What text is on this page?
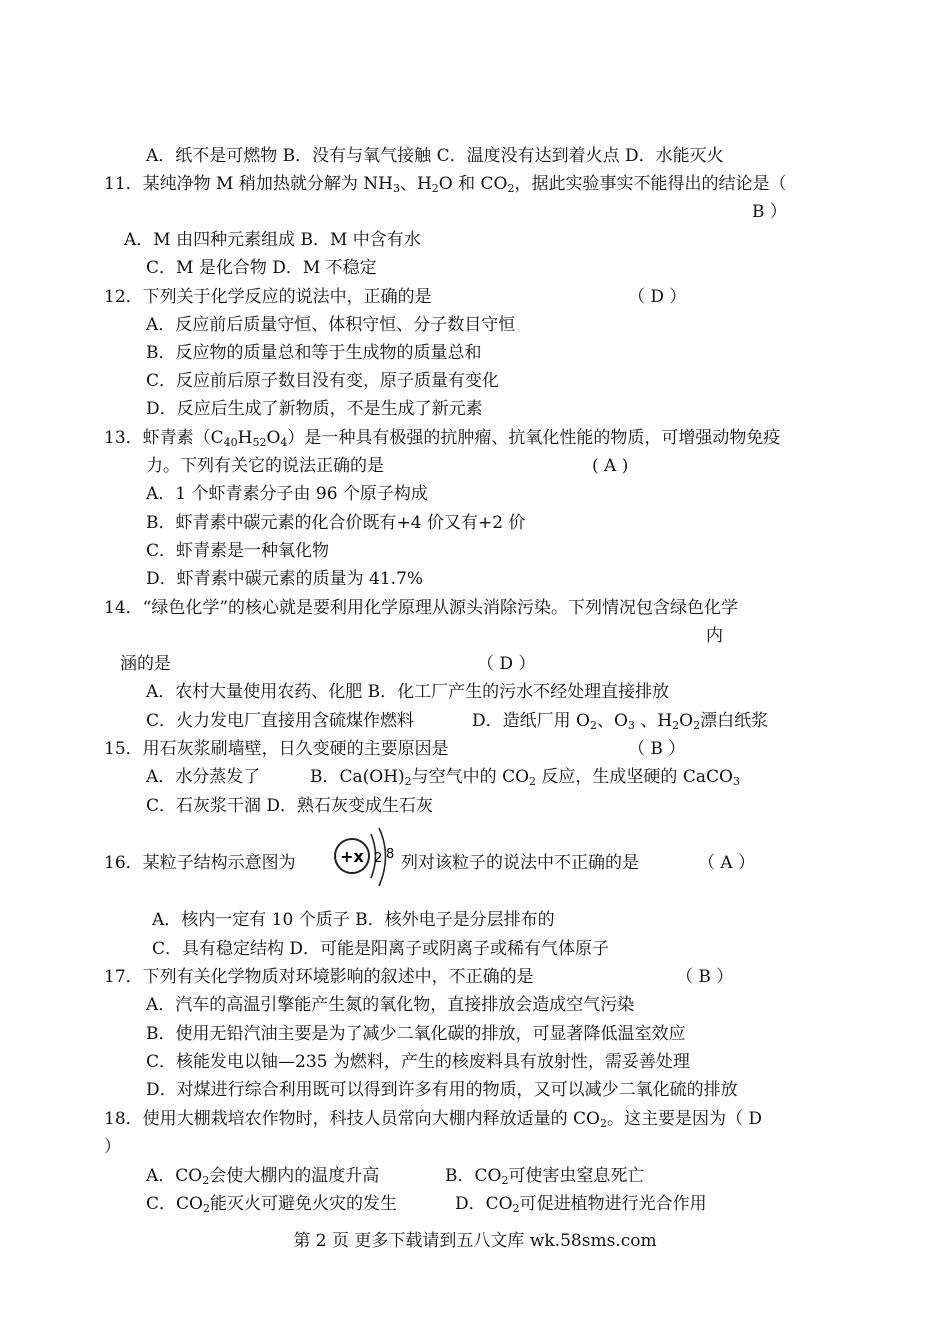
A．纸不是可燃物 B．没有与氧气接触 C．温度没有达到着火点 D．水能灭火
11．某纯净物 M 稍加热就分解为 $NH_3$、$H_2O$ 和 $CO_2$，据此实验事实不能得出的结论是（
B ）
A．M 由四种元素组成 B．M 中含有水
C．M 是化合物 D．M 不稳定
12．下列关于化学反应的说法中，正确的是	（ D ）
A．反应前后质量守恒、体积守恒、分子数目守恒
B．反应物的质量总和等于生成物的质量总和
C．反应前后原子数目没有变，原子质量有变化
D．反应后生成了新物质，不是生成了新元素
13．虾青素$(C_{40}H_{52}O_4)$是一种具有极强的抗肿瘤、抗氧化性能的物质，可增强动物免疫
力。下列有关它的说法正确的是	( A )
A．1 个虾青素分子由 96 个原子构成
B．虾青素中碳元素的化合价既有+4 价又有+2 价
C．虾青素是一种氧化物
D．虾青素中碳元素的质量为 41.7%
14．“绿色化学”的核心就是要利用化学原理从源头消除污染。下列情况包含绿色化学
内
涵的是	（ D ）
A．农村大量使用农药、化肥 B．化工厂产生的污水不经处理直接排放
C．火力发电厂直接用含硫煤作燃料	D．造纸厂用 $O_2$、$O_3$ 、$H_2O_2$漂白纸浆
15．用石灰浆刷墙壁，日久变硬的主要原因是	（ B ）
A．水分蒸发了	B．$Ca(OH)_2$与空气中的 $CO_2$ 反应，生成坚硬的 CaCO$_3$
C．石灰浆干涸 D．熟石灰变成生石灰
16．某粒子结构示意图为	+x 2 8 列对该粒子的说法中不正确的是	（ A ）
A．核内一定有 10 个质子 B．核外电子是分层排布的
C．具有稳定结构 D．可能是阳离子或阴离子或稀有气体原子
17．下列有关化学物质对环境影响的叙述中，不正确的是	（ B ）
A．汽车的高温引擎能产生氮的氧化物，直接排放会造成空气污染
B．使用无铅汽油主要是为了减少二氧化碳的排放，可显著降低温室效应
C．核能发电以铀—235 为燃料，产生的核废料具有放射性，需妥善处理
D．对煤进行综合利用既可以得到许多有用的物质，又可以减少二氧化硫的排放
18．使用大棚栽培农作物时，科技人员常向大棚内释放适量的 $CO_2$。这主要是因为（ D
）
A．$CO_2$会使大棚内的温度升高	B．$CO_2$可使害虫窒息死亡
C．$CO_2$能灭火可避免火灾的发生	D．$CO_2$可促进植物进行光合作用
第 2 页 更多下载请到五八文库 wk.58sms.com
